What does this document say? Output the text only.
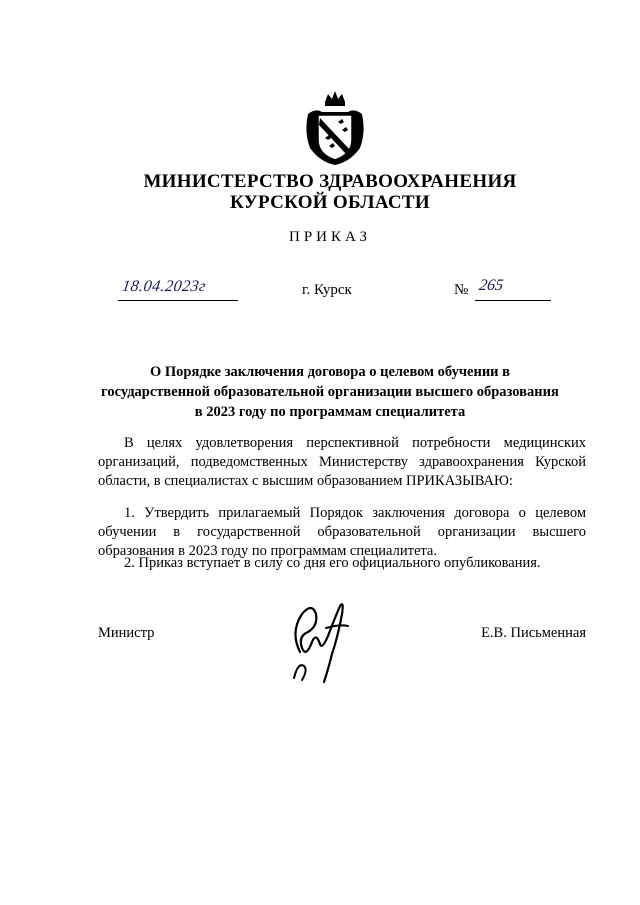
МИНИСТЕРСТВО ЗДРАВООХРАНЕНИЯ
КУРСКОЙ ОБЛАСТИ
ПРИКАЗ
18.04.2023г	г. Курск	№ 265
О Порядке заключения договора о целевом обучении в
государственной образовательной организации высшего образования
в 2023 году по программам специалитета
В целях удовлетворения перспективной потребности медицинских организаций, подведомственных Министерству здравоохранения Курской области, в специалистах с высшим образованием ПРИКАЗЫВАЮ:
1. Утвердить прилагаемый Порядок заключения договора о целевом обучении в государственной образовательной организации высшего образования в 2023 году по программам специалитета.
2. Приказ вступает в силу со дня его официального опубликования.
Министр	Е.В. Письменная
